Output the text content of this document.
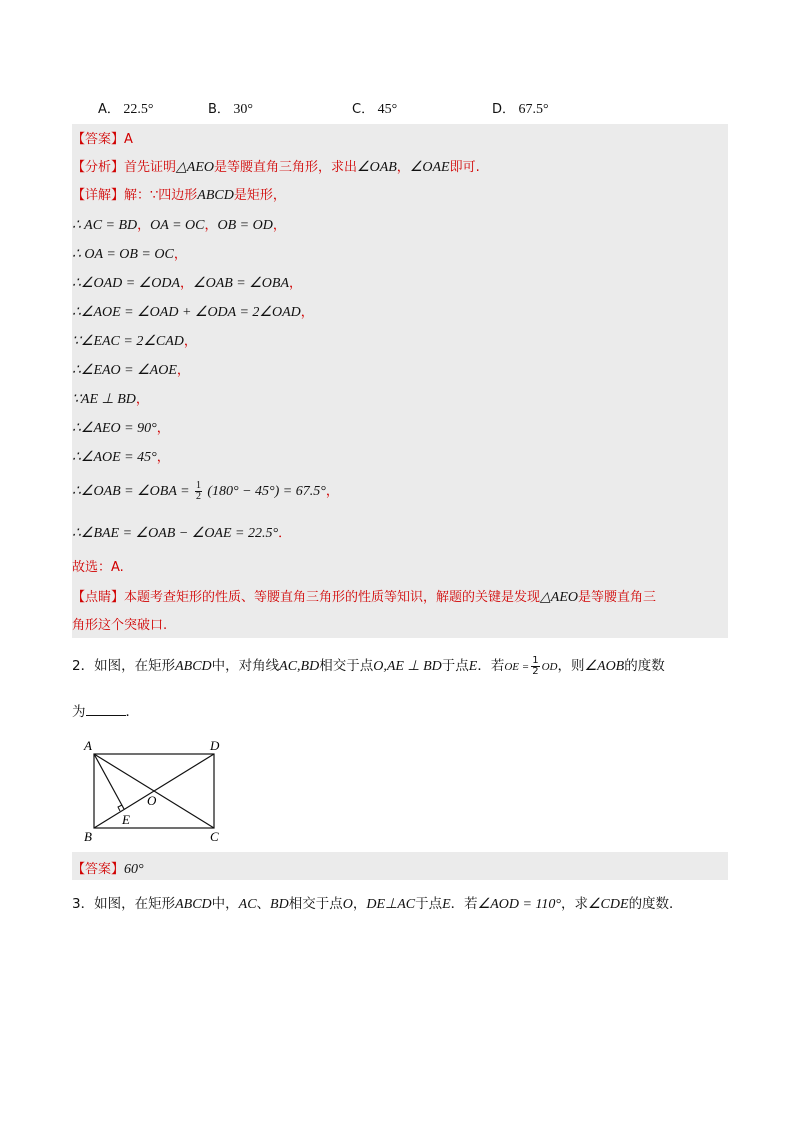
A． 22.5°	B． 30°	C． 45°	D． 67.5°
【答案】A
【分析】首先证明△AEO是等腰直角三角形，求出∠OAB，∠OAE即可.
【详解】解：∵四边形ABCD是矩形，
∴ AC = BD，OA = OC，OB = OD，
∴ OA = OB = OC，
∴∠OAD = ∠ODA，∠OAB = ∠OBA，
∴∠AOE = ∠OAD + ∠ODA = 2∠OAD，
∵∠EAC = 2∠CAD，
∴∠EAO = ∠AOE，
∵AE ⊥ BD，
∴∠AEO = 90°，
∴∠AOE = 45°，
∴∠OAB = ∠OBA = $\frac{1}{2} (180^\circ - 45^\circ) = 67.5^\circ$，
∴∠BAE = ∠OAB − ∠OAE = 22.5°．
故选：A.
【点睛】本题考查矩形的性质、等腰直角三角形的性质等知识，解题的关键是发现△AEO是等腰直角三
角形这个突破口.
2．如图，在矩形ABCD中，对角线AC,BD相交于点O,AE ⊥ BD于点E．若OE = $\frac{1}{2}$ OD，则∠AOB的度数
为	．
A
B	C
D
O
E
【答案】60°
3．如图，在矩形ABCD中，AC、BD相交于点O，DE⊥AC于点E．若∠AOD = 110°，求∠CDE的度数．
